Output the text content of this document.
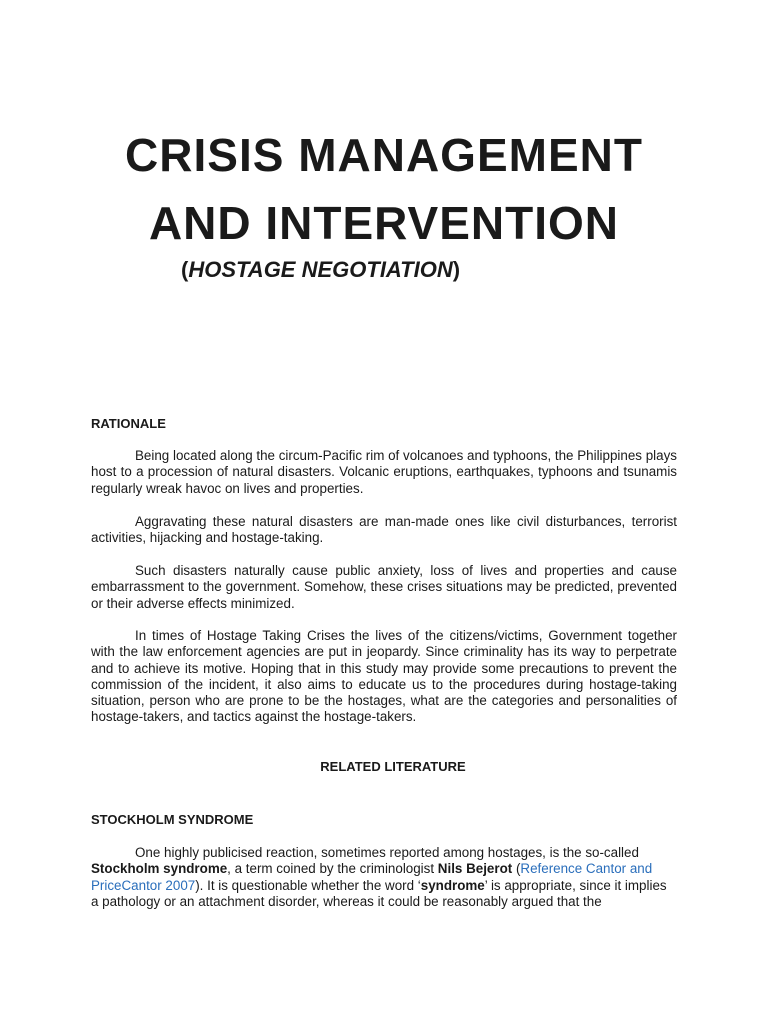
CRISIS MANAGEMENT
AND INTERVENTION

(HOSTAGE NEGOTIATION)

RATIONALE

Being located along the circum-Pacific rim of volcanoes and typhoons, the Philippines plays host to a procession of natural disasters. Volcanic eruptions, earthquakes, typhoons and tsunamis regularly wreak havoc on lives and properties.

Aggravating these natural disasters are man-made ones like civil disturbances, terrorist activities, hijacking and hostage-taking.

Such disasters naturally cause public anxiety, loss of lives and properties and cause embarrassment to the government. Somehow, these crises situations may be predicted, prevented or their adverse effects minimized.

In times of Hostage Taking Crises the lives of the citizens/victims, Government together with the law enforcement agencies are put in jeopardy. Since criminality has its way to perpetrate and to achieve its motive. Hoping that in this study may provide some precautions to prevent the commission of the incident, it also aims to educate us to the procedures during hostage-taking situation, person who are prone to be the hostages, what are the categories and personalities of hostage-takers, and tactics against the hostage-takers.

RELATED LITERATURE

STOCKHOLM SYNDROME

One highly publicised reaction, sometimes reported among hostages, is the so-called Stockholm syndrome, a term coined by the criminologist Nils Bejerot (Reference Cantor and PriceCantor 2007). It is questionable whether the word ‘syndrome’ is appropriate, since it implies a pathology or an attachment disorder, whereas it could be reasonably argued that the
